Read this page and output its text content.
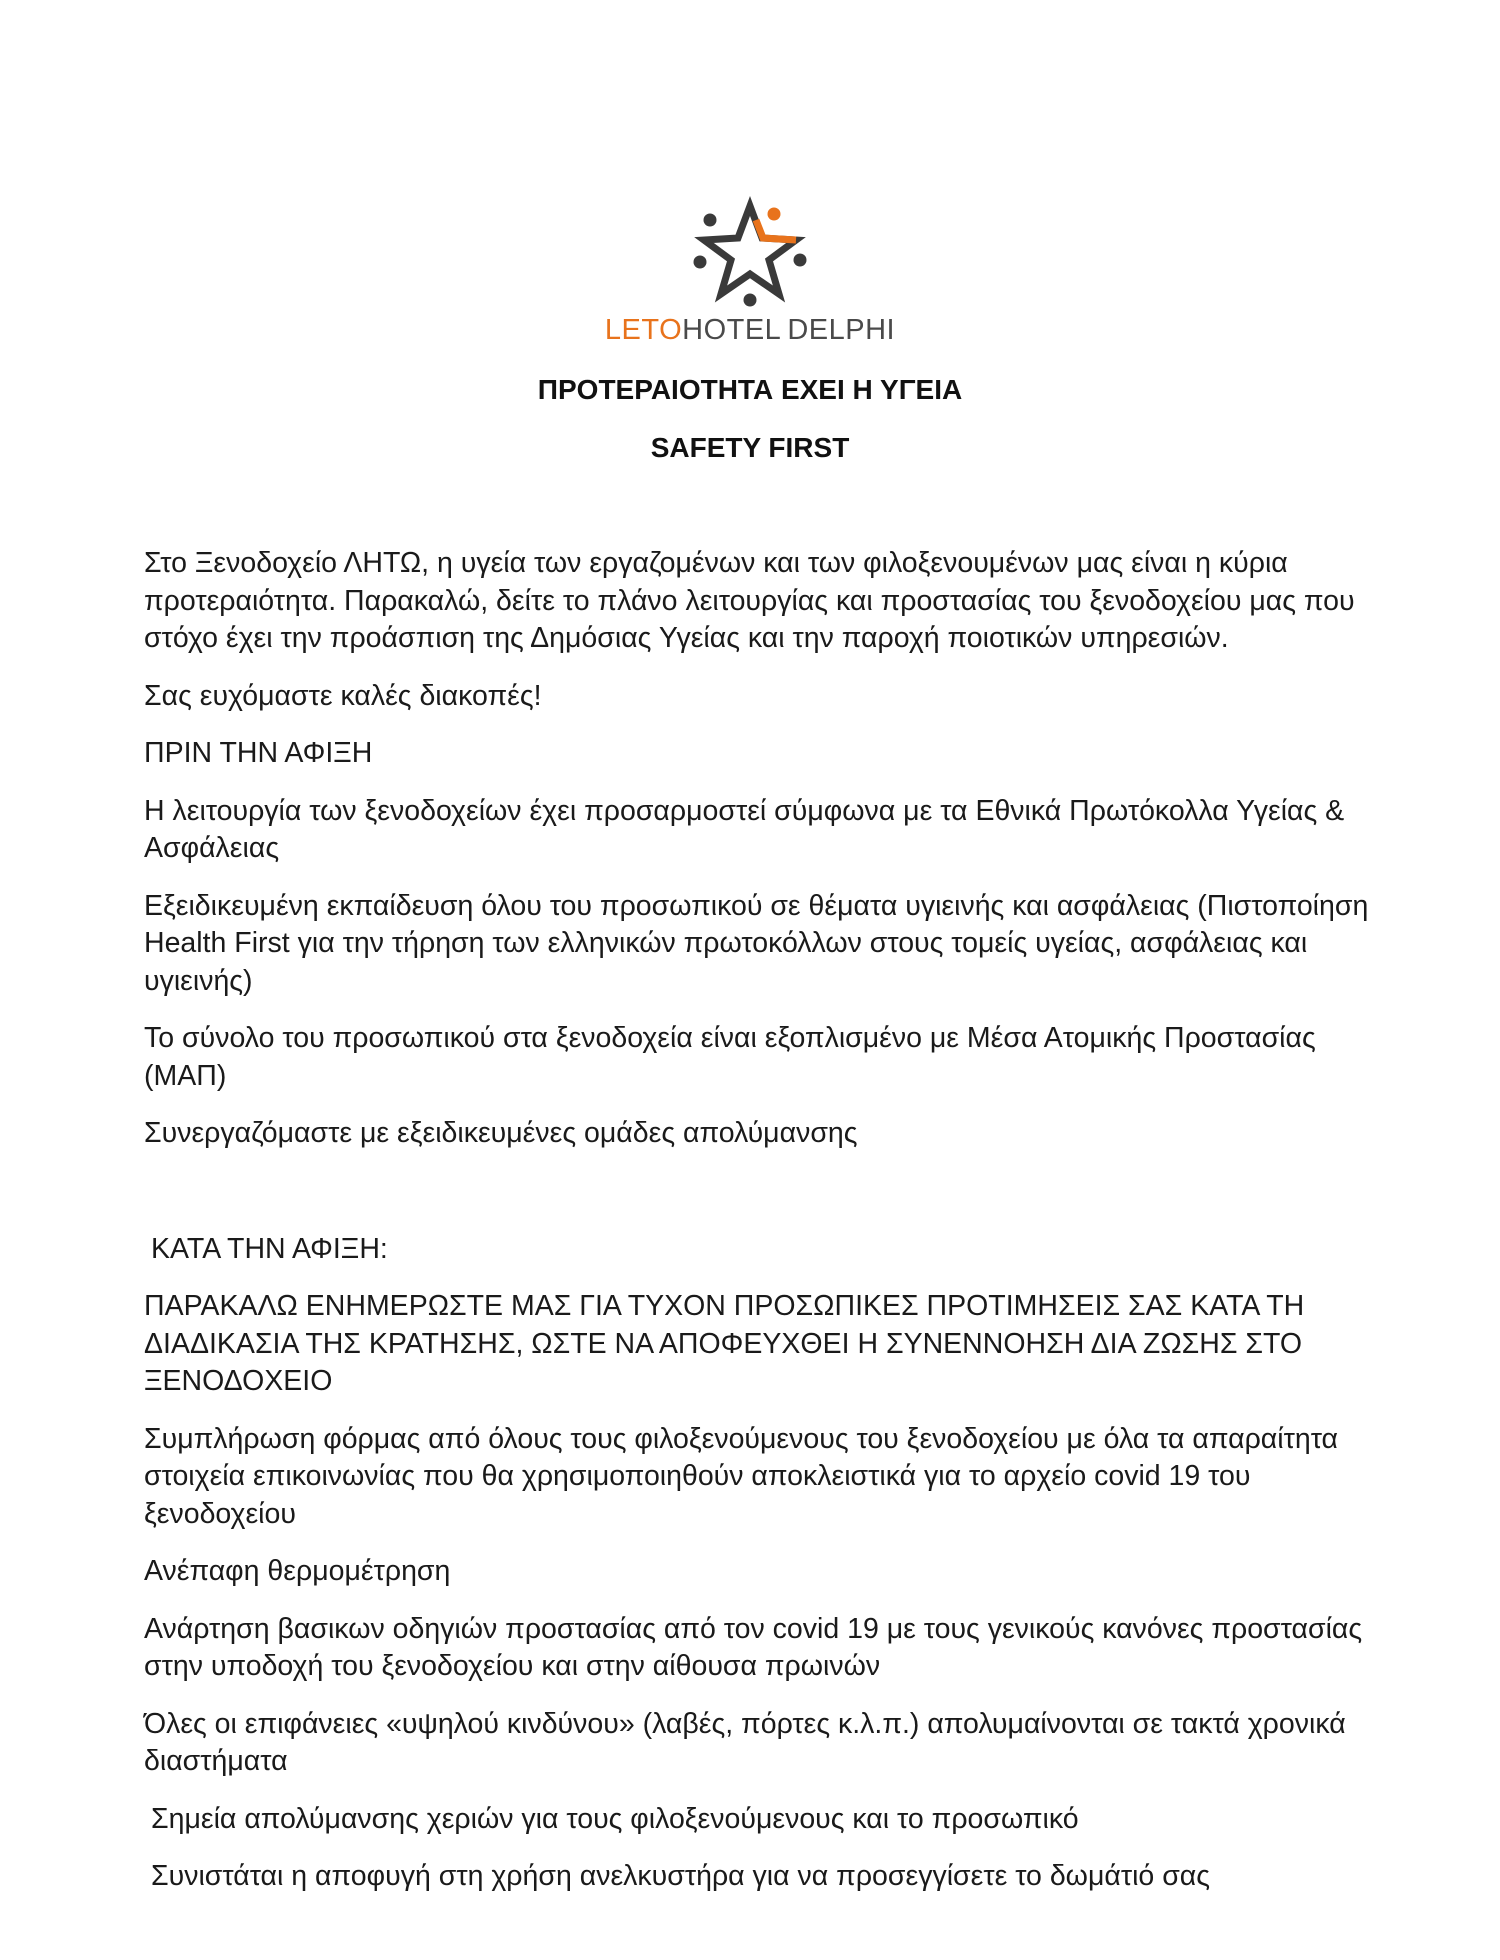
LETOHOTEL DELPHI
ΠΡΟΤΕΡΑΙΟΤΗΤΑ ΕΧΕΙ Η ΥΓΕΙΑ
SAFETY FIRST

Στο Ξενοδοχείο ΛΗΤΩ, η υγεία των εργαζομένων και των φιλοξενουμένων μας είναι η κύρια προτεραιότητα. Παρακαλώ, δείτε το πλάνο λειτουργίας και προστασίας του ξενοδοχείου μας που στόχο έχει την προάσπιση της Δημόσιας Υγείας και την παροχή ποιοτικών υπηρεσιών.

Σας ευχόμαστε καλές διακοπές!

ΠΡΙΝ ΤΗΝ ΑΦΙΞΗ

Η λειτουργία των ξενοδοχείων έχει προσαρμοστεί σύμφωνα με τα Εθνικά Πρωτόκολλα Υγείας & Ασφάλειας

Εξειδικευμένη εκπαίδευση όλου του προσωπικού σε θέματα υγιεινής και ασφάλειας (Πιστοποίηση Health First για την τήρηση των ελληνικών πρωτοκόλλων στους τομείς υγείας, ασφάλειας και υγιεινής)

Το σύνολο του προσωπικού στα ξενοδοχεία είναι εξοπλισμένο με Μέσα Ατομικής Προστασίας (ΜΑΠ)

Συνεργαζόμαστε με εξειδικευμένες ομάδες απολύμανσης

ΚΑΤΑ ΤΗΝ ΑΦΙΞΗ:

ΠΑΡΑΚΑΛΩ ΕΝΗΜΕΡΩΣΤΕ ΜΑΣ ΓΙΑ ΤΥΧΟΝ ΠΡΟΣΩΠΙΚΕΣ ΠΡΟΤΙΜΗΣΕΙΣ ΣΑΣ ΚΑΤΑ ΤΗ ΔΙΑΔΙΚΑΣΙΑ ΤΗΣ ΚΡΑΤΗΣΗΣ, ΩΣΤΕ ΝΑ ΑΠΟΦΕΥΧΘΕΙ Η ΣΥΝΕΝΝΟΗΣΗ ΔΙΑ ΖΩΣΗΣ ΣΤΟ ΞΕΝΟΔΟΧΕΙΟ

Συμπλήρωση φόρμας από όλους τους φιλοξενούμενους του ξενοδοχείου με όλα τα απαραίτητα στοιχεία επικοινωνίας που θα χρησιμοποιηθούν αποκλειστικά για το αρχείο covid 19 του ξενοδοχείου

Ανέπαφη θερμομέτρηση

Ανάρτηση βασικων οδηγιών προστασίας από τον covid 19 με τους γενικούς κανόνες προστασίας στην υποδοχή του ξενοδοχείου και στην αίθουσα πρωινών

Όλες οι επιφάνειες «υψηλού κινδύνου» (λαβές, πόρτες κ.λ.π.) απολυμαίνονται σε τακτά χρονικά διαστήματα

Σημεία απολύμανσης χεριών για τους φιλοξενούμενους και το προσωπικό

Συνιστάται η αποφυγή στη χρήση ανελκυστήρα για να προσεγγίσετε το δωμάτιό σας
